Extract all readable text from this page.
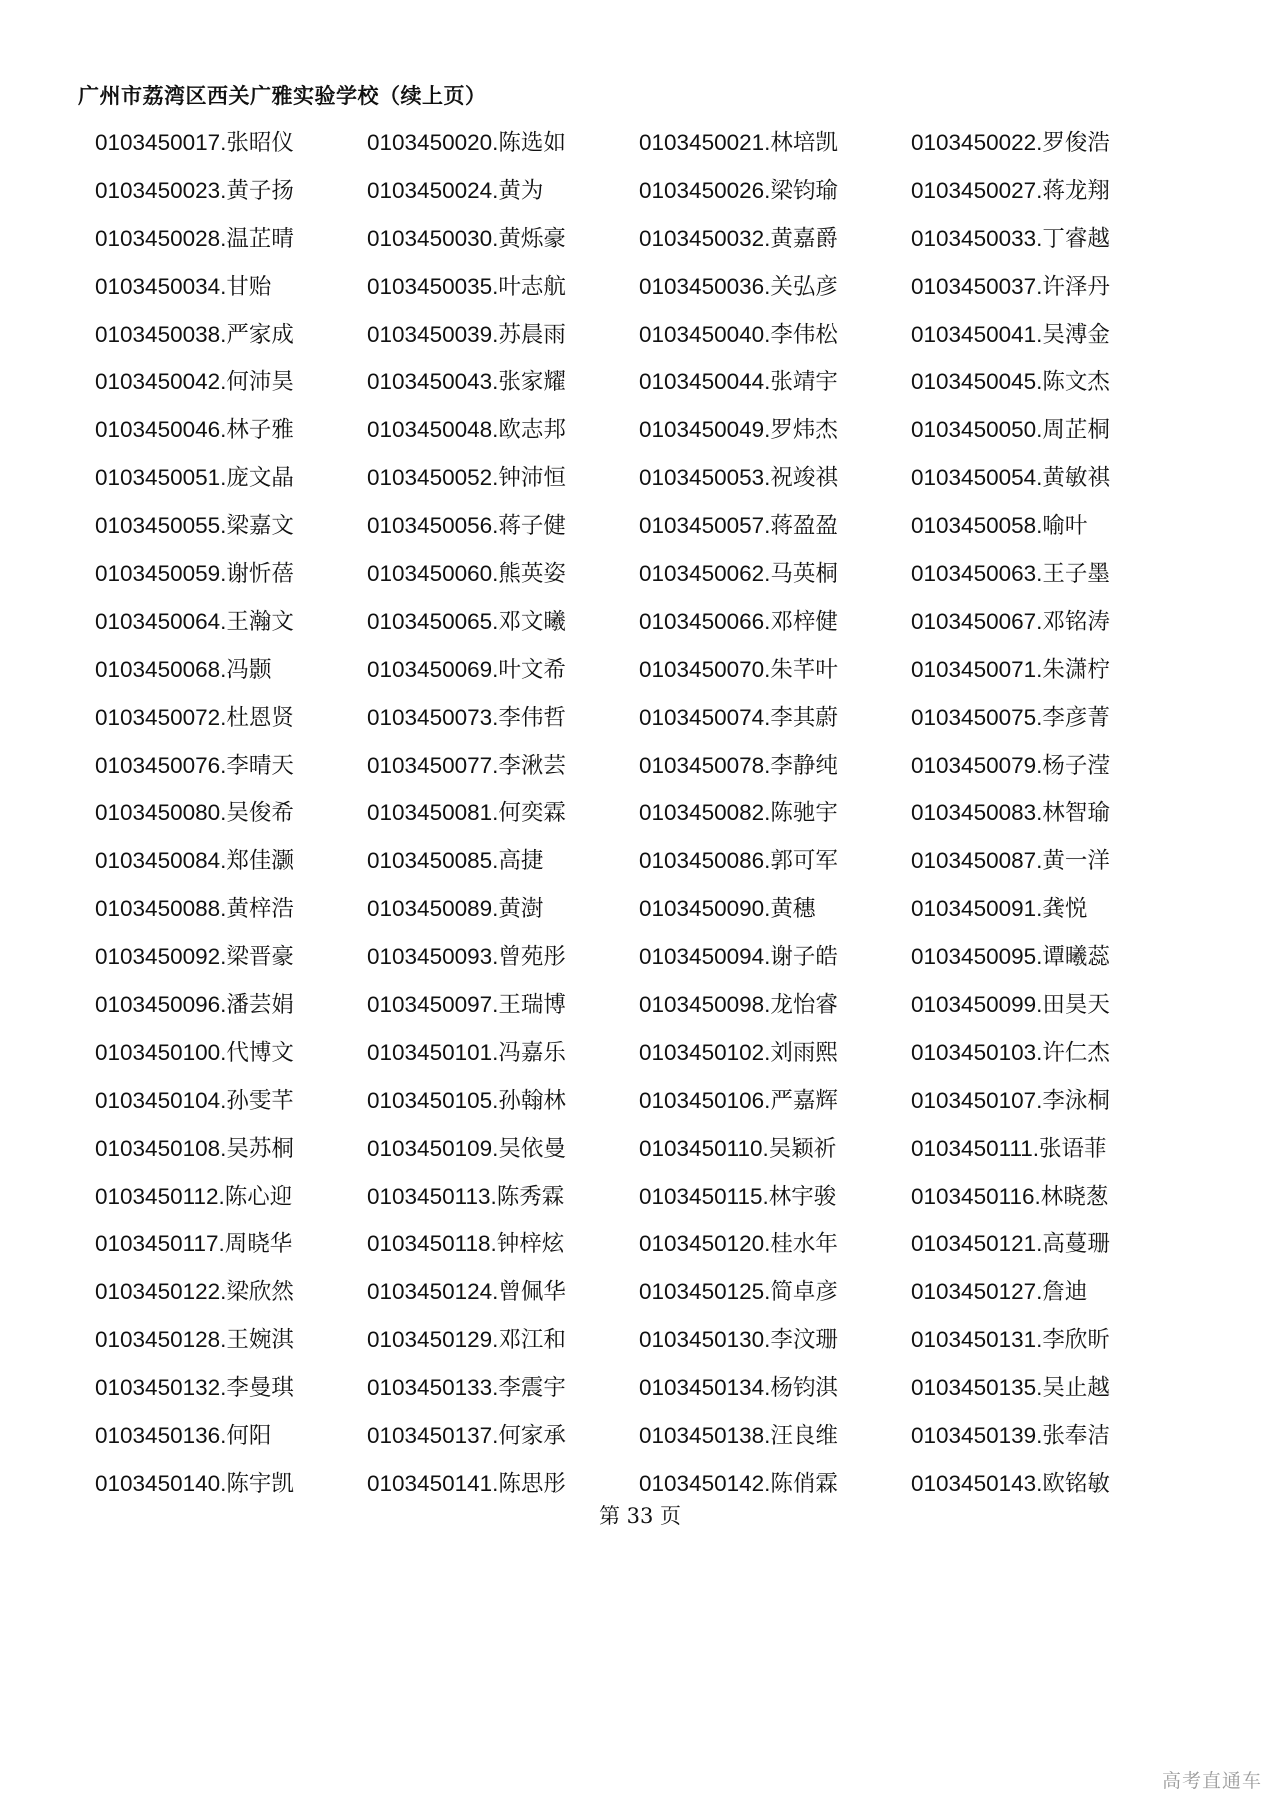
广州市荔湾区西关广雅实验学校（续上页）
0103450017.张昭仪	0103450020.陈选如	0103450021.林培凯	0103450022.罗俊浩
0103450023.黄子扬	0103450024.黄为	0103450026.梁钧瑜	0103450027.蒋龙翔
0103450028.温芷晴	0103450030.黄烁豪	0103450032.黄嘉爵	0103450033.丁睿越
0103450034.甘贻	0103450035.叶志航	0103450036.关弘彦	0103450037.许泽丹
0103450038.严家成	0103450039.苏晨雨	0103450040.李伟松	0103450041.吴溥金
0103450042.何沛昊	0103450043.张家耀	0103450044.张靖宇	0103450045.陈文杰
0103450046.林子雅	0103450048.欧志邦	0103450049.罗炜杰	0103450050.周芷桐
0103450051.庞文晶	0103450052.钟沛恒	0103450053.祝竣祺	0103450054.黄敏祺
0103450055.梁嘉文	0103450056.蒋子健	0103450057.蒋盈盈	0103450058.喻叶
0103450059.谢忻蓓	0103450060.熊英姿	0103450062.马英桐	0103450063.王子墨
0103450064.王瀚文	0103450065.邓文曦	0103450066.邓梓健	0103450067.邓铭涛
0103450068.冯颢	0103450069.叶文希	0103450070.朱芊叶	0103450071.朱潇柠
0103450072.杜恩贤	0103450073.李伟哲	0103450074.李其蔚	0103450075.李彦菁
0103450076.李晴天	0103450077.李湫芸	0103450078.李静纯	0103450079.杨子滢
0103450080.吴俊希	0103450081.何奕霖	0103450082.陈驰宇	0103450083.林智瑜
0103450084.郑佳灏	0103450085.高捷	0103450086.郭可军	0103450087.黄一洋
0103450088.黄梓浩	0103450089.黄澍	0103450090.黄穗	0103450091.龚悦
0103450092.梁晋豪	0103450093.曾苑彤	0103450094.谢子皓	0103450095.谭曦蕊
0103450096.潘芸娟	0103450097.王瑞博	0103450098.龙怡睿	0103450099.田昊天
0103450100.代博文	0103450101.冯嘉乐	0103450102.刘雨熙	0103450103.许仁杰
0103450104.孙雯芊	0103450105.孙翰林	0103450106.严嘉辉	0103450107.李泳桐
0103450108.吴苏桐	0103450109.吴依曼	0103450110.吴颖祈	0103450111.张语菲
0103450112.陈心迎	0103450113.陈秀霖	0103450115.林宇骏	0103450116.林晓葱
0103450117.周晓华	0103450118.钟梓炫	0103450120.桂水年	0103450121.高蔓珊
0103450122.梁欣然	0103450124.曾佩华	0103450125.简卓彦	0103450127.詹迪
0103450128.王婉淇	0103450129.邓江和	0103450130.李汶珊	0103450131.李欣昕
0103450132.李曼琪	0103450133.李震宇	0103450134.杨钧淇	0103450135.吴止越
0103450136.何阳	0103450137.何家承	0103450138.汪良维	0103450139.张奉洁
0103450140.陈宇凯	0103450141.陈思彤	0103450142.陈俏霖	0103450143.欧铭敏
第 33 页
高考直通车
